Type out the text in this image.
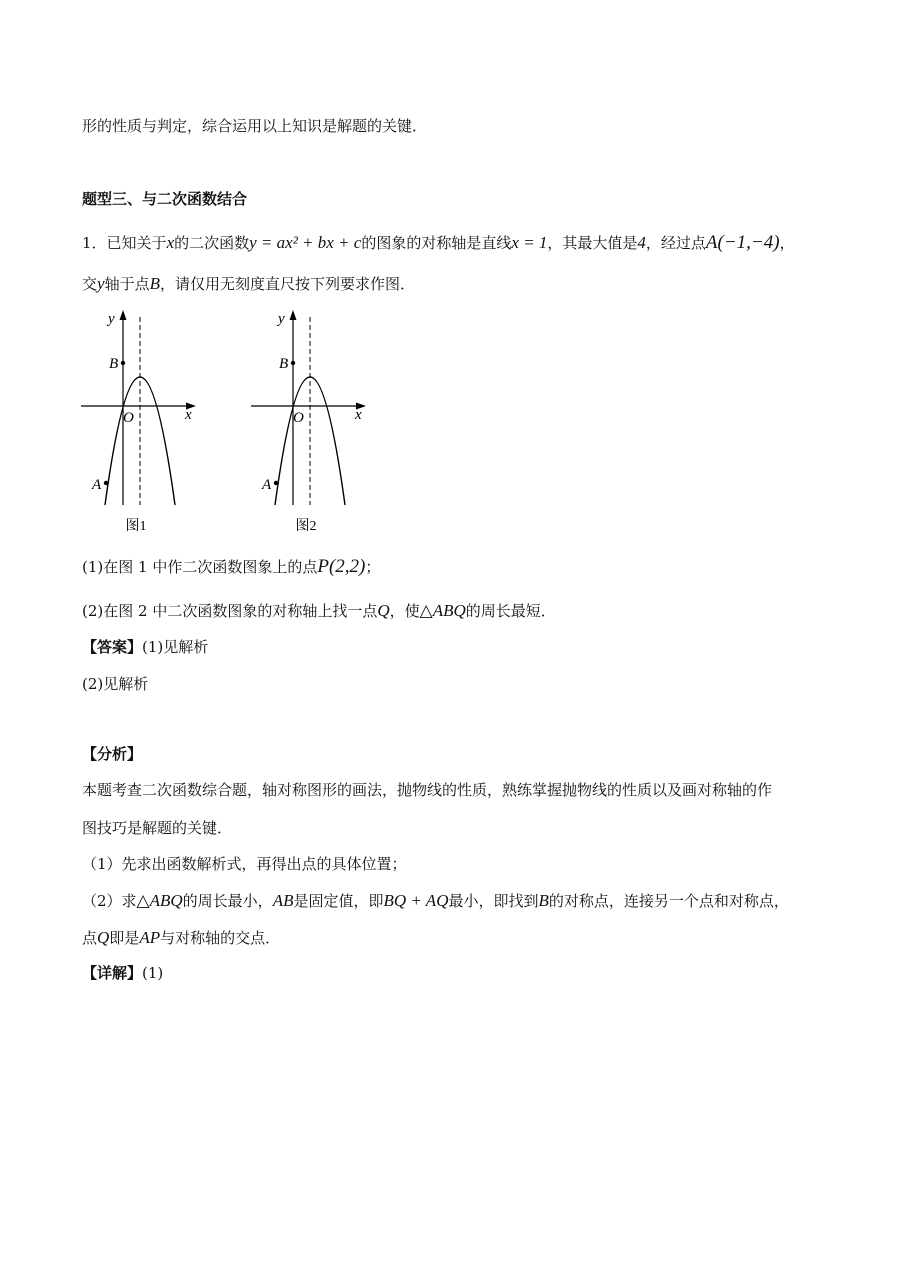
形的性质与判定，综合运用以上知识是解题的关键．
题型三、与二次函数结合
1．已知关于x的二次函数y = ax² + bx + c的图象的对称轴是直线x = 1，其最大值是4，经过点A(−1,−4)，
交y轴于点B，请仅用无刻度直尺按下列要求作图．
y
x
O
B
A
图1
y
x
O
B
A
图2
(1)在图 1 中作二次函数图象上的点P(2,2)；
(2)在图 2 中二次函数图象的对称轴上找一点Q，使△ABQ的周长最短．
【答案】(1)见解析
(2)见解析
【分析】
本题考查二次函数综合题，轴对称图形的画法，抛物线的性质，熟练掌握抛物线的性质以及画对称轴的作
图技巧是解题的关键．
（1）先求出函数解析式，再得出点的具体位置；
（2）求△ABQ的周长最小，AB是固定值，即BQ + AQ最小，即找到B的对称点，连接另一个点和对称点，
点Q即是AP与对称轴的交点．
【详解】(1)
